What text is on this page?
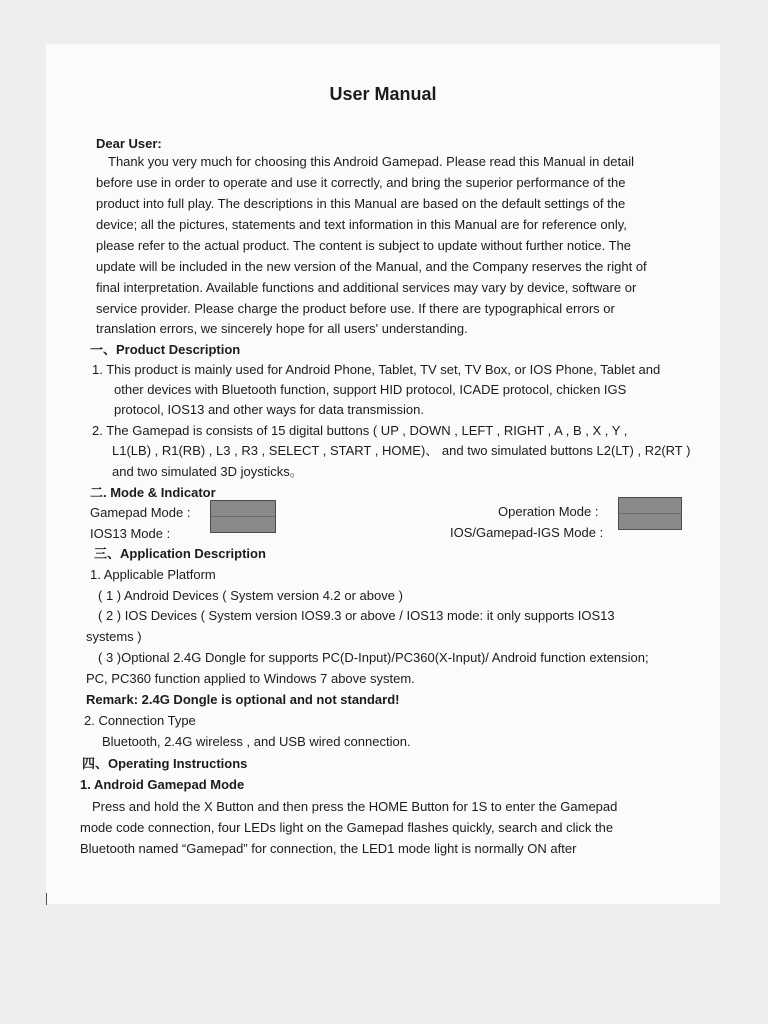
User Manual
Dear User:
Thank you very much for choosing this Android Gamepad. Please read this Manual in detail
before use in order to operate and use it correctly, and bring the superior performance of the
product into full play. The descriptions in this Manual are based on the default settings of the
device; all the pictures, statements and text information in this Manual are for reference only,
please refer to the actual product. The content is subject to update without further notice. The
update will be included in the new version of the Manual, and the Company reserves the right of
final interpretation. Available functions and additional services may vary by device, software or
service provider. Please charge the product before use. If there are typographical errors or
translation errors, we sincerely hope for all users' understanding.
一、Product Description
1. This product is mainly used for Android Phone, Tablet, TV set, TV Box, or IOS Phone, Tablet and
other devices with Bluetooth function, support HID protocol, ICADE protocol, chicken IGS
protocol, IOS13 and other ways for data transmission.
2. The Gamepad is consists of 15 digital buttons ( UP , DOWN , LEFT , RIGHT , A , B , X , Y ,
L1(LB) , R1(RB) , L3 , R3 , SELECT , START , HOME)、 and two simulated buttons L2(LT) , R2(RT )
and two simulated 3D joysticks。
二. Mode & Indicator
Gamepad Mode :
IOS13 Mode :
Operation Mode :
IOS/Gamepad-IGS Mode :
三、Application Description
1. Applicable Platform
( 1 ) Android Devices ( System version 4.2 or above )
( 2 ) IOS Devices ( System version IOS9.3 or above / IOS13 mode: it only supports IOS13
systems )
( 3 )Optional 2.4G Dongle for supports PC(D-Input)/PC360(X-Input)/ Android function extension;
PC, PC360 function applied to Windows 7 above system.
Remark: 2.4G Dongle is optional and not standard!
2. Connection Type
Bluetooth, 2.4G wireless , and USB wired connection.
四、Operating Instructions
1. Android Gamepad Mode
Press and hold the X Button and then press the HOME Button for 1S to enter the Gamepad
mode code connection, four LEDs light on the Gamepad flashes quickly, search and click the
Bluetooth named “Gamepad” for connection, the LED1 mode light is normally ON after
